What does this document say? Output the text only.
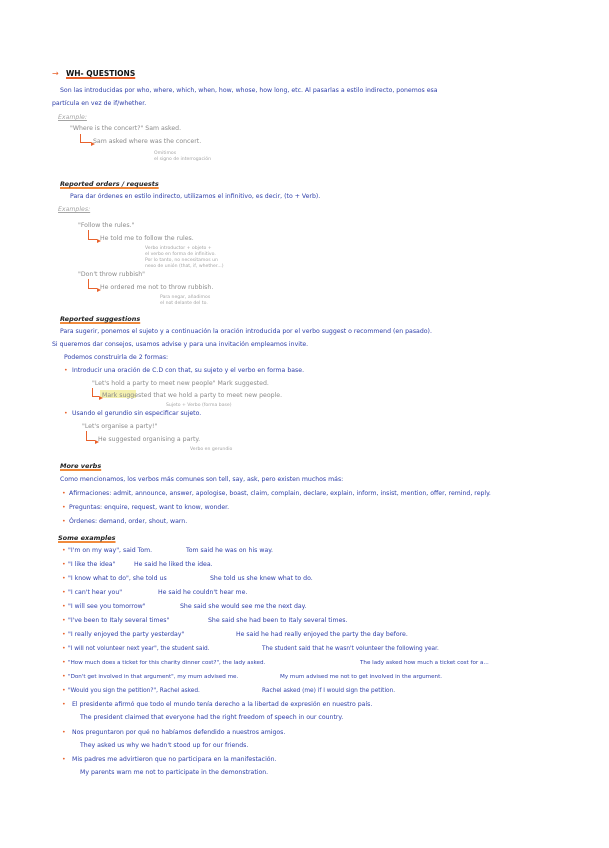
→ WH- QUESTIONS
Son las introducidas por who, where, which, when, how, whose, how long, etc. Al pasarlas a estilo indirecto, ponemos esa
partícula en vez de if/whether.
Example:
"Where is the concert?" Sam asked.
Sam asked where was the concert.
Omitimos
el signo de interrogación
Reported orders / requests
Para dar órdenes en estilo indirecto, utilizamos el infinitivo, es decir, (to + Verb).
Examples:
"Follow the rules."
He told me to follow the rules.
Verbo introductor + objeto +
el verbo en forma de infinitivo.
Por lo tanto, no necesitamos un
nexo de unión (that, if, whether...)
"Don't throw rubbish"
He ordered me not to throw rubbish.
Para negar, añadimos
el not delante del to.
Reported suggestions
Para sugerir, ponemos el sujeto y a continuación la oración introducida por el verbo suggest o recommend (en pasado).
Si queremos dar consejos, usamos advise y para una invitación empleamos invite.
Podemos construirla de 2 formas:
• Introducir una oración de C.D con that, su sujeto y el verbo en forma base.
"Let's hold a party to meet new people" Mark suggested.
Mark suggested that we hold a party to meet new people.
Sujeto + Verbo (forma base)
• Usando el gerundio sin especificar sujeto.
"Let's organise a party!"
He suggested organising a party.
Verbo en gerundio
More verbs
Como mencionamos, los verbos más comunes son tell, say, ask, pero existen muchos más:
• Afirmaciones: admit, announce, answer, apologise, boast, claim, complain, declare, explain, inform, insist, mention, offer, remind, reply.
• Preguntas: enquire, request, want to know, wonder.
• Órdenes: demand, order, shout, warn.
Some examples
• "I'm on my way", said Tom.	Tom said he was on his way.
• "I like the idea"	He said he liked the idea.
• "I know what to do", she told us	She told us she knew what to do.
• "I can't hear you"	He said he couldn't hear me.
• "I will see you tomorrow"	She said she would see me the next day.
• "I've been to Italy several times"	She said she had been to Italy several times.
• "I really enjoyed the party yesterday"	He said he had really enjoyed the party the day before.
• "I will not volunteer next year", the student said.	The student said that he wasn't volunteer the following year.
• "How much does a ticket for this charity dinner cost?", the lady asked.	The lady asked how much a ticket cost for a...
• "Don't get involved in that argument", my mum advised me.	My mum advised me not to get involved in the argument.
• "Would you sign the petition?", Rachel asked.	Rachel asked (me) if I would sign the petition.
• El presidente afirmó que todo el mundo tenía derecho a la libertad de expresión en nuestro país.
The president claimed that everyone had the right freedom of speech in our country.
• Nos preguntaron por qué no habíamos defendido a nuestros amigos.
They asked us why we hadn't stood up for our friends.
• Mis padres me advirtieron que no participara en la manifestación.
My parents warn me not to participate in the demonstration.
